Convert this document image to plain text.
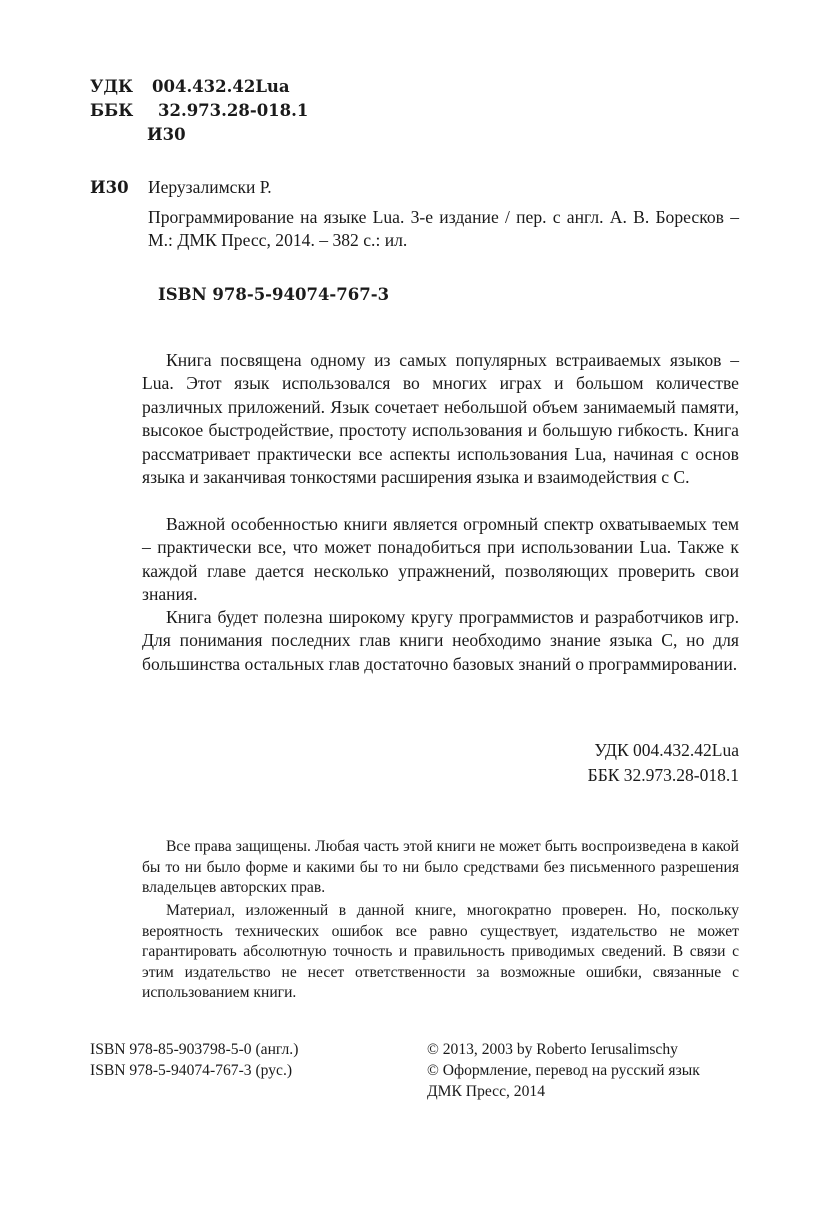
УДК 004.432.42Lua
ББК 32.973.28-018.1
И30
И30 Иерузалимски Р.

Программирование на языке Lua. 3-е издание / пер. с англ. А. В. Боресков – М.: ДМК Пресс, 2014. – 382 с.: ил.

ISBN 978-5-94074-767-3

Книга посвящена одному из самых популярных встраиваемых языков – Lua. Этот язык использовался во многих играх и большом количестве различных приложений. Язык сочетает небольшой объем занимаемый памяти, высокое быстродействие, простоту использования и большую гибкость. Книга рассматривает практически все аспекты использования Lua, начиная с основ языка и заканчивая тонкостями расширения языка и взаимодействия с C.

Важной особенностью книги является огромный спектр охватываемых тем – практически все, что может понадобиться при использовании Lua. Также к каждой главе дается несколько упражнений, позволяющих проверить свои знания.

Книга будет полезна широкому кругу программистов и разработчиков игр. Для понимания последних глав книги необходимо знание языка C, но для большинства остальных глав достаточно базовых знаний о программировании.

УДК 004.432.42Lua
ББК 32.973.28-018.1

Все права защищены. Любая часть этой книги не может быть воспроизведена в какой бы то ни было форме и какими бы то ни было средствами без письменного разрешения владельцев авторских прав.

Материал, изложенный в данной книге, многократно проверен. Но, поскольку вероятность технических ошибок все равно существует, издательство не может гарантировать абсолютную точность и правильность приводимых сведений. В связи с этим издательство не несет ответственности за возможные ошибки, связанные с использованием книги.

ISBN 978-85-903798-5-0 (англ.)
ISBN 978-5-94074-767-3 (рус.)
© 2013, 2003 by Roberto Ierusalimschy
© Оформление, перевод на русский язык
ДМК Пресс, 2014
